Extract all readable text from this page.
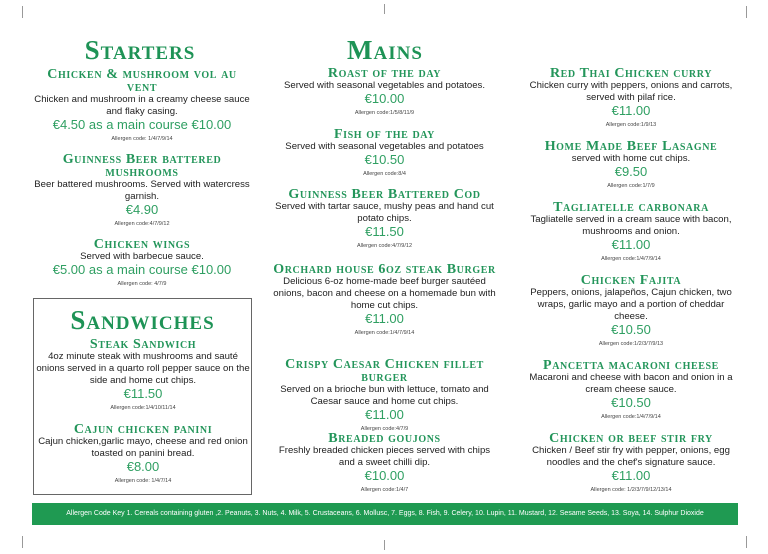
Starters
Sandwiches
Mains
Chicken & mushroom vol au vent
Chicken and mushroom in a creamy cheese sauce and flaky casing.
€4.50 as a main course €10.00
Allergen code: 1/4/7/9/14
Guinness Beer battered mushrooms
Beer battered mushrooms. Served with watercress garnish.
€4.90
Allergen code:4/7/9/12
Chicken wings
Served with barbecue sauce.
€5.00 as a main course €10.00
Allergen code: 4/7/9
Steak Sandwich
4oz minute steak with mushrooms and sauté onions served in a quarto roll pepper sauce on the side and home cut chips.
€11.50
Allergen code:1/4/10/11/14
Cajun chicken panini
Cajun chicken,garlic mayo, cheese and red onion toasted on panini bread.
€8.00
Allergen code: 1/4/7/14
Roast of the day
Served with seasonal vegetables and potatoes.
€10.00
Allergen code:1/5/8/11/9
Fish of the day
Served with seasonal vegetables and potatoes
€10.50
Allergen code:8/4
Guinness Beer Battered Cod
Served with tartar sauce, mushy peas and hand cut potato chips.
€11.50
Allergen code:4/7/9/12
Orchard house 6oz steak Burger
Delicious 6-oz home-made beef burger sautéed onions, bacon and cheese on a homemade bun with home cut chips.
€11.00
Allergen code:1/4/7/9/14
Crispy Caesar Chicken fillet burger
Served on a brioche bun with lettuce, tomato and Caesar sauce and home cut chips.
€11.00
Allergen code:4/7/9
Breaded goujons
Freshly breaded chicken pieces served with chips and a sweet chilli dip.
€10.00
Allergen code:1/4/7
Red Thai Chicken curry
Chicken curry with peppers, onions and carrots, served with pilaf rice.
€11.00
Allergen code:1/9/13
Home Made Beef Lasagne
served with home cut chips.
€9.50
Allergen code:1/7/9
Tagliatelle carbonara
Tagliatelle served in a cream sauce with bacon, mushrooms and onion.
€11.00
Allergen code:1/4/7/9/14
Chicken Fajita
Peppers, onions, jalapeños, Cajun chicken, two wraps, garlic mayo and a portion of cheddar cheese.
€10.50
Allergen code:1/2/3/7/9/13
Pancetta macaroni cheese
Macaroni and cheese with bacon and onion in a cream cheese sauce.
€10.50
Allergen code:1/4/7/9/14
Chicken or beef stir fry
Chicken / Beef stir fry with pepper, onions, egg noodles and the chef's signature sauce.
€11.00
Allergen code: 1/2/3/7/9/12/13/14
Allergen Code Key 1. Cereals containing gluten ,2. Peanuts, 3. Nuts, 4. Milk, 5. Crustaceans, 6. Mollusc, 7. Eggs, 8. Fish, 9. Celery, 10. Lupin, 11. Mustard, 12. Sesame Seeds, 13. Soya, 14. Sulphur Dioxide
